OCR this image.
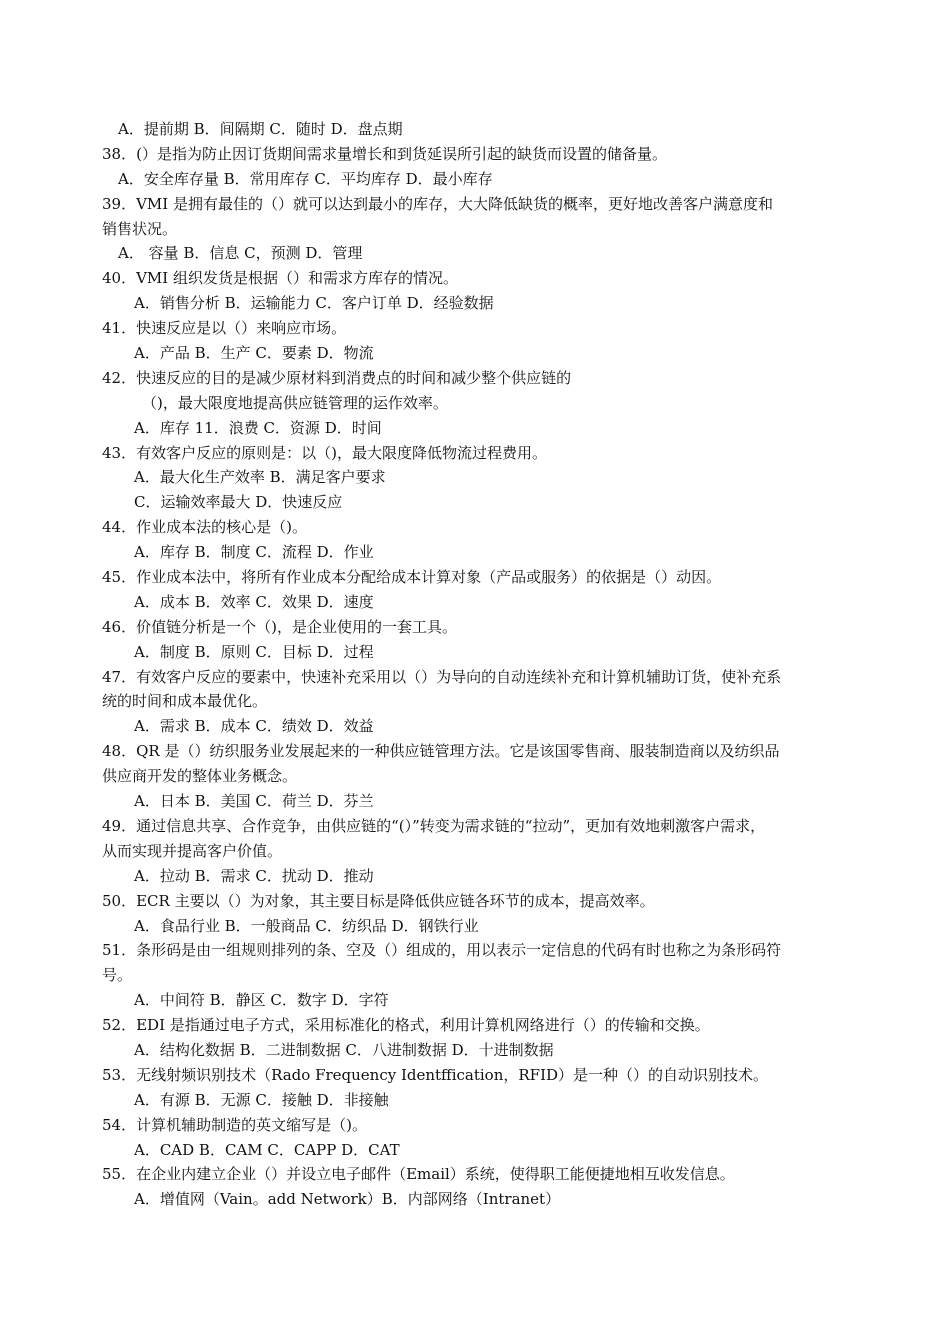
A．提前期 B．间隔期 C．随时 D．盘点期
38．(）是指为防止因订货期间需求量增长和到货延误所引起的缺货而设置的储备量。
A．安全库存量 B．常用库存 C．平均库存 D．最小库存
39．VMI 是拥有最佳的（）就可以达到最小的库存，大大降低缺货的概率，更好地改善客户满意度和
销售状况。
A． 容量 B．信息 C，预测 D．管理
40．VMI 组织发货是根据（）和需求方库存的情况。
A．销售分析 B．运输能力 C．客户订单 D．经验数据
41．快速反应是以（）来响应市场。
A．产品 B．生产 C．要素 D．物流
42．快速反应的目的是减少原材料到消费点的时间和减少整个供应链的
（)，最大限度地提高供应链管理的运作效率。
A．库存 11．浪费 C．资源 D．时间
43．有效客户反应的原则是：以（)，最大限度降低物流过程费用。
A．最大化生产效率 B．满足客户要求
C．运输效率最大 D．快速反应
44．作业成本法的核心是（)。
A．库存 B．制度 C．流程 D．作业
45．作业成本法中，将所有作业成本分配给成本计算对象（产品或服务）的依据是（）动因。
A．成本 B．效率 C．效果 D．速度
46．价值链分析是一个（)，是企业使用的一套工具。
A．制度 B．原则 C．目标 D．过程
47．有效客户反应的要素中，快速补充采用以（）为导向的自动连续补充和计算机辅助订货，使补充系
统的时间和成本最优化。
A．需求 B．成本 C．绩效 D．效益
48．QR 是（）纺织服务业发展起来的一种供应链管理方法。它是该国零售商、服装制造商以及纺织品
供应商开发的整体业务概念。
A．日本 B．美国 C．荷兰 D．芬兰
49．通过信息共享、合作竞争，由供应链的“(）”转变为需求链的“拉动”，更加有效地刺激客户需求，
从而实现并提高客户价值。
A．拉动 B．需求 C．扰动 D．推动
50．ECR 主要以（）为对象，其主要目标是降低供应链各环节的成本，提高效率。
A．食品行业 B．一般商品 C．纺织品 D．钢铁行业
51．条形码是由一组规则排列的条、空及（）组成的，用以表示一定信息的代码有时也称之为条形码符
号。
A．中间符 B．静区 C．数字 D．字符
52．EDI 是指通过电子方式，采用标准化的格式，利用计算机网络进行（）的传输和交换。
A．结构化数据 B．二进制数据 C．八进制数据 D．十进制数据
53．无线射频识别技术（Rado Frequency Identffication，RFID）是一种（）的自动识别技术。
A．有源 B．无源 C．接触 D．非接触
54．计算机辅助制造的英文缩写是（)。
A．CAD B．CAM C．CAPP D．CAT
55．在企业内建立企业（）并设立电子邮件（Email）系统，使得职工能便捷地相互收发信息。
A．增值网（Vain。add Network）B．内部网络（Intranet）
